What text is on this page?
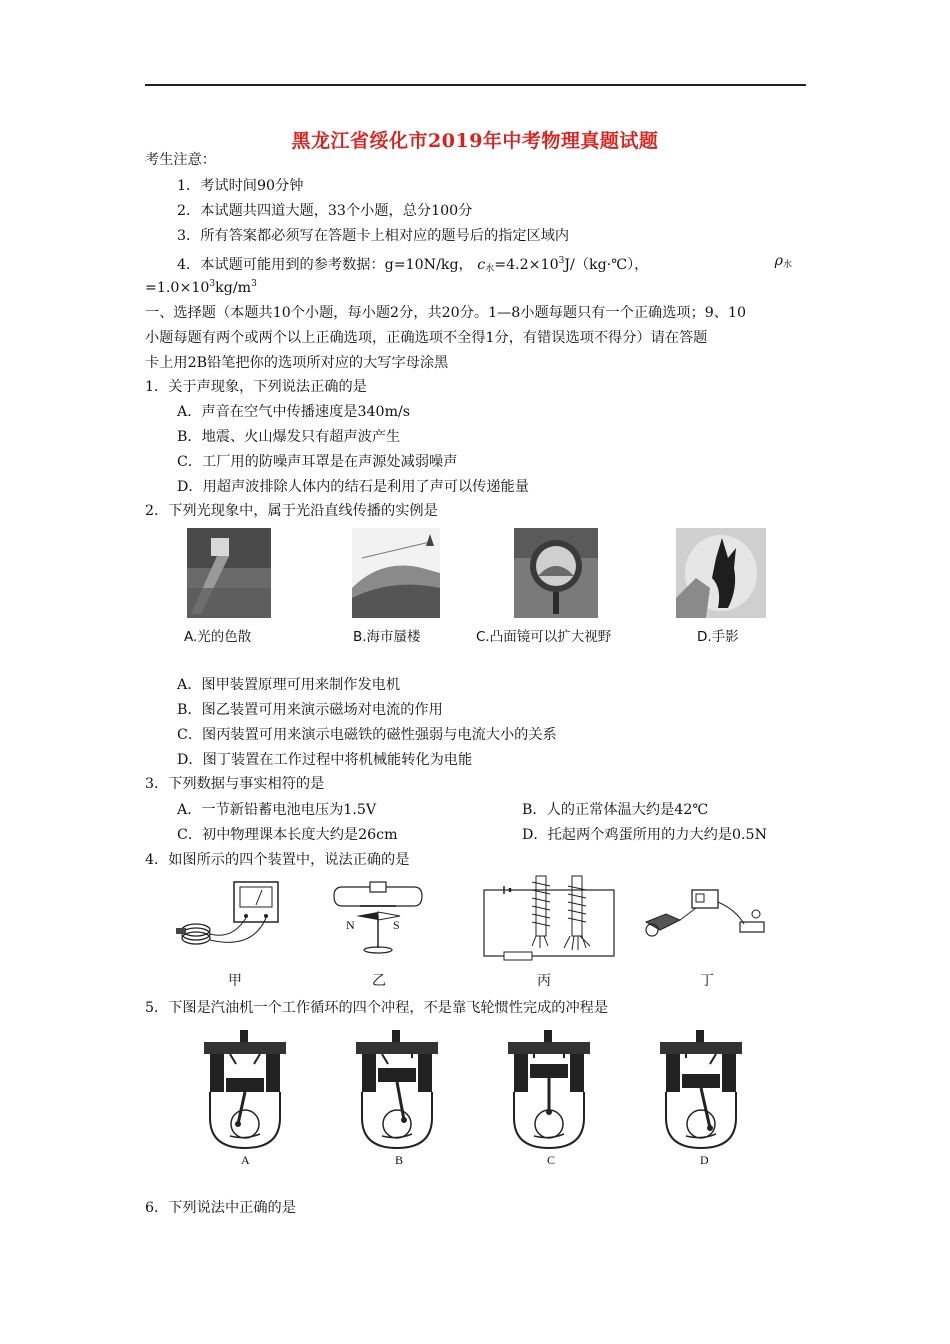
黑龙江省绥化市2019年中考物理真题试题
考生注意：
1．考试时间90分钟
2．本试题共四道大题，33个小题，总分100分
3．所有答案都必须写在答题卡上相对应的题号后的指定区域内
4．本试题可能用到的参考数据：g=10N/kg， $c_水=4.2\times 10^3J/(kg\cdot℃)$，	$\rho_水$
$=1.0\times 10^3kg/m^3$
一、选择题（本题共10个小题，每小题2分，共20分。1—8小题每题只有一个正确选项；9、10
小题每题有两个或两个以上正确选项，正确选项不全得1分，有错误选项不得分）请在答题
卡上用2B铅笔把你的选项所对应的大写字母涂黑
1．关于声现象，下列说法正确的是
A．声音在空气中传播速度是340m/s
B．地震、火山爆发只有超声波产生
C．工厂用的防噪声耳罩是在声源处减弱噪声
D．用超声波排除人体内的结石是利用了声可以传递能量
2．下列光现象中，属于光沿直线传播的实例是
A.光的色散	B.海市蜃楼	C.凸面镜可以扩大视野	D.手影
A．图甲装置原理可用来制作发电机
B．图乙装置可用来演示磁场对电流的作用
C．图丙装置可用来演示电磁铁的磁性强弱与电流大小的关系
D．图丁装置在工作过程中将机械能转化为电能
3．下列数据与事实相符的是
A．一节新铅蓄电池电压为1.5V	B．人的正常体温大约是42℃
C．初中物理课本长度大约是26cm	D．托起两个鸡蛋所用的力大约是0.5N
4．如图所示的四个装置中，说法正确的是
N	S
甲	乙	丙	丁
5．下图是汽油机一个工作循环的四个冲程，不是靠飞轮惯性完成的冲程是
A	B	C	D
6．下列说法中正确的是
